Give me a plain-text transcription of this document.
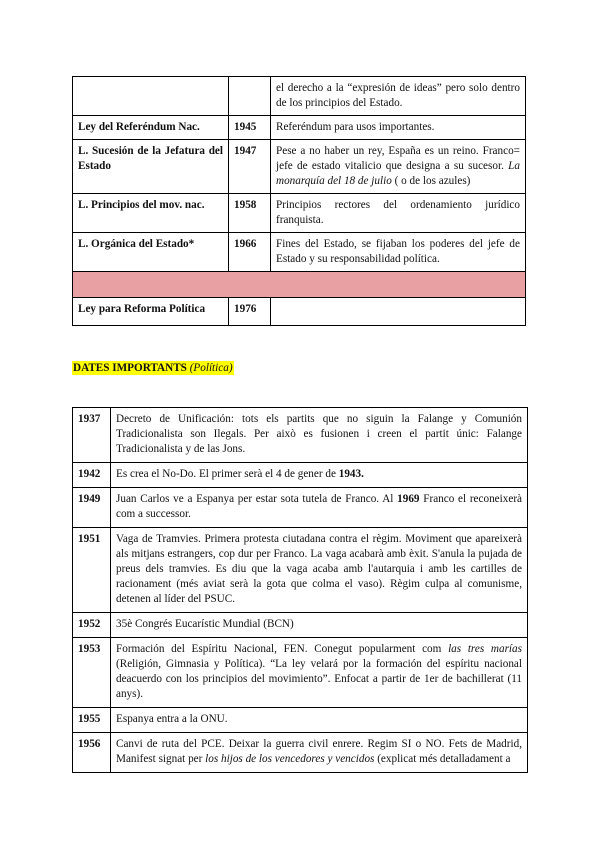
		el derecho a la “expresión de ideas” pero solo dentro de los principios del Estado.
Ley del Referéndum Nac.	1945	Referéndum para usos importantes.
L. Sucesión de la Jefatura del Estado	1947	Pese a no haber un rey, España es un reino. Franco= jefe de estado vitalicio que designa a su sucesor. La monarquía del 18 de julio ( o de los azules)
L. Principios del mov. nac.	1958	Principios rectores del ordenamiento jurídico franquista.
L. Orgánica del Estado*	1966	Fines del Estado, se fijaban los poderes del jefe de Estado y su responsabilidad política.

Ley para Reforma Política	1976	
DATES IMPORTANTS (Política)
1937	Decreto de Unificación: tots els partits que no siguin la Falange y Comunión Tradicionalista son Ilegals. Per això es fusionen i creen el partit únic: Falange Tradicionalista y de las Jons.
1942	Es crea el No-Do. El primer serà el 4 de gener de 1943.
1949	Juan Carlos ve a Espanya per estar sota tutela de Franco. Al 1969 Franco el reconeixerà com a successor.
1951	Vaga de Tramvies. Primera protesta ciutadana contra el règim. Moviment que apareixerà als mitjans estrangers, cop dur per Franco. La vaga acabarà amb èxit. S'anula la pujada de preus dels tramvies. Es diu que la vaga acaba amb l'autarquia i amb les cartilles de racionament (més aviat serà la gota que colma el vaso). Règim culpa al comunisme, detenen al líder del PSUC.
1952	35è Congrés Eucarístic Mundial (BCN)
1953	Formación del Espíritu Nacional, FEN. Conegut popularment com las tres marías (Religión, Gimnasia y Política). “La ley velará por la formación del espíritu nacional deacuerdo con los principios del movimiento”. Enfocat a partir de 1er de bachillerat (11 anys).
1955	Espanya entra a la ONU.
1956	Canvi de ruta del PCE. Deixar la guerra civil enrere. Regim SI o NO. Fets de Madrid, Manifest signat per los hijos de los vencedores y vencidos (explicat més detalladament a
